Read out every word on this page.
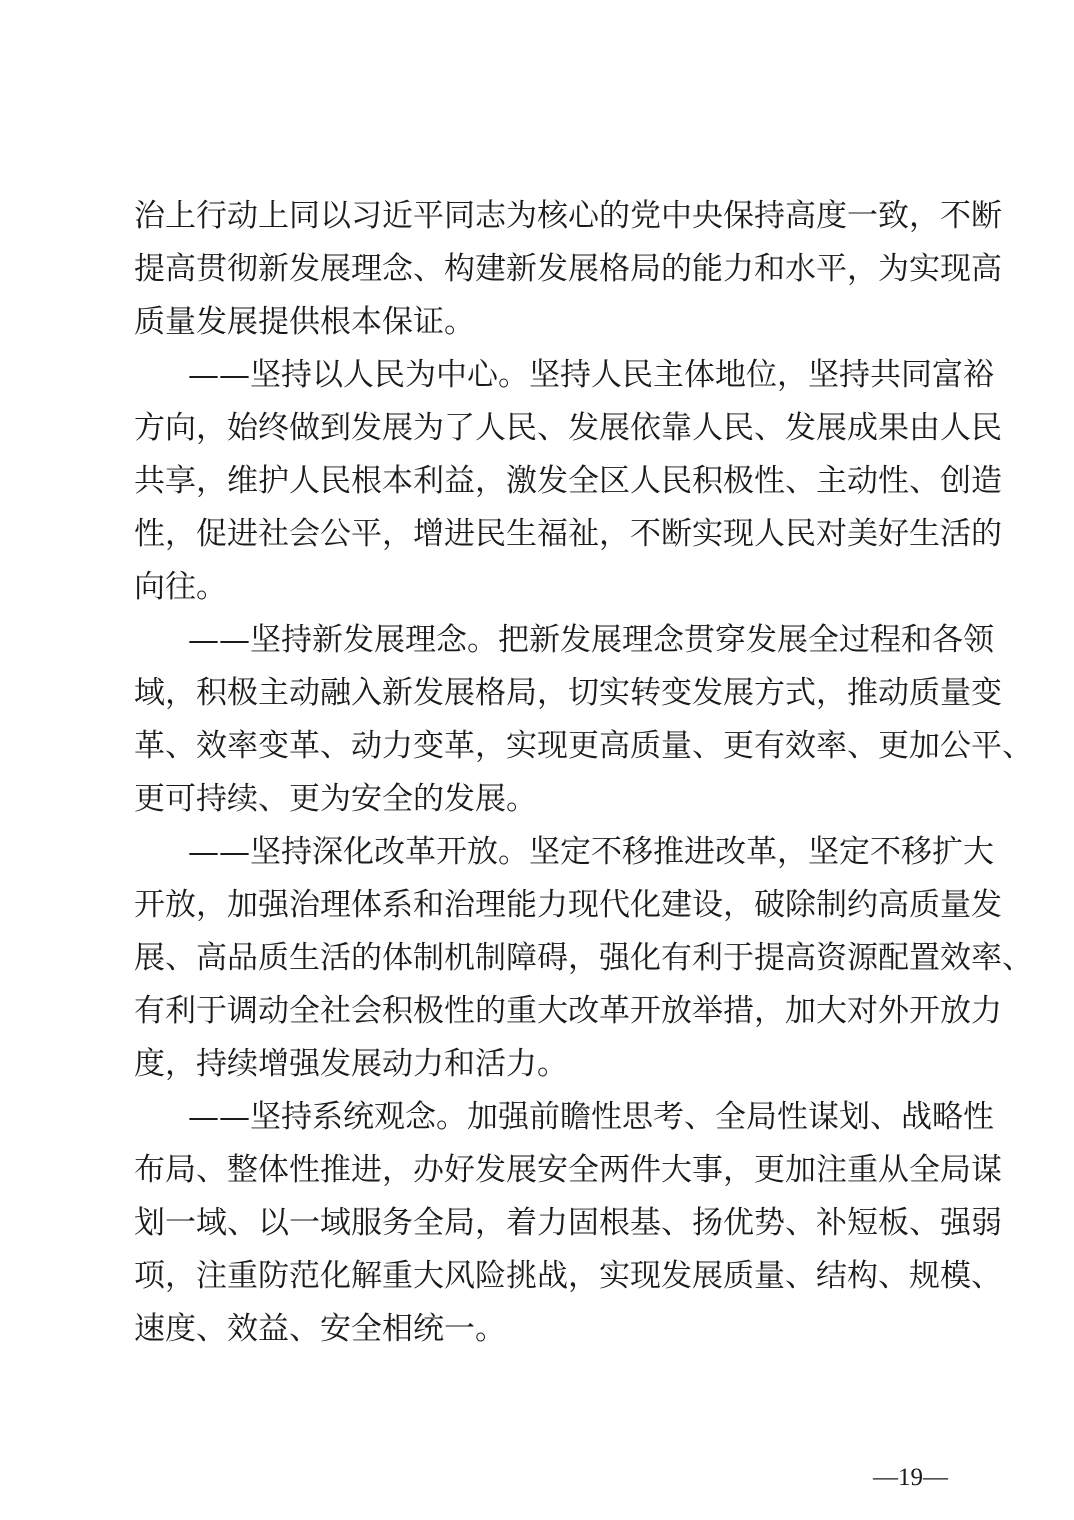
治上行动上同以习近平同志为核心的党中央保持高度一致，不断
提高贯彻新发展理念、构建新发展格局的能力和水平，为实现高
质量发展提供根本保证。
——坚持以人民为中心。坚持人民主体地位，坚持共同富裕
方向，始终做到发展为了人民、发展依靠人民、发展成果由人民
共享，维护人民根本利益，激发全区人民积极性、主动性、创造
性，促进社会公平，增进民生福祉，不断实现人民对美好生活的
向往。
——坚持新发展理念。把新发展理念贯穿发展全过程和各领
域，积极主动融入新发展格局，切实转变发展方式，推动质量变
革、效率变革、动力变革，实现更高质量、更有效率、更加公平、
更可持续、更为安全的发展。
——坚持深化改革开放。坚定不移推进改革，坚定不移扩大
开放，加强治理体系和治理能力现代化建设，破除制约高质量发
展、高品质生活的体制机制障碍，强化有利于提高资源配置效率、
有利于调动全社会积极性的重大改革开放举措，加大对外开放力
度，持续增强发展动力和活力。
——坚持系统观念。加强前瞻性思考、全局性谋划、战略性
布局、整体性推进，办好发展安全两件大事，更加注重从全局谋
划一域、以一域服务全局，着力固根基、扬优势、补短板、强弱
项，注重防范化解重大风险挑战，实现发展质量、结构、规模、
速度、效益、安全相统一。
—19—
